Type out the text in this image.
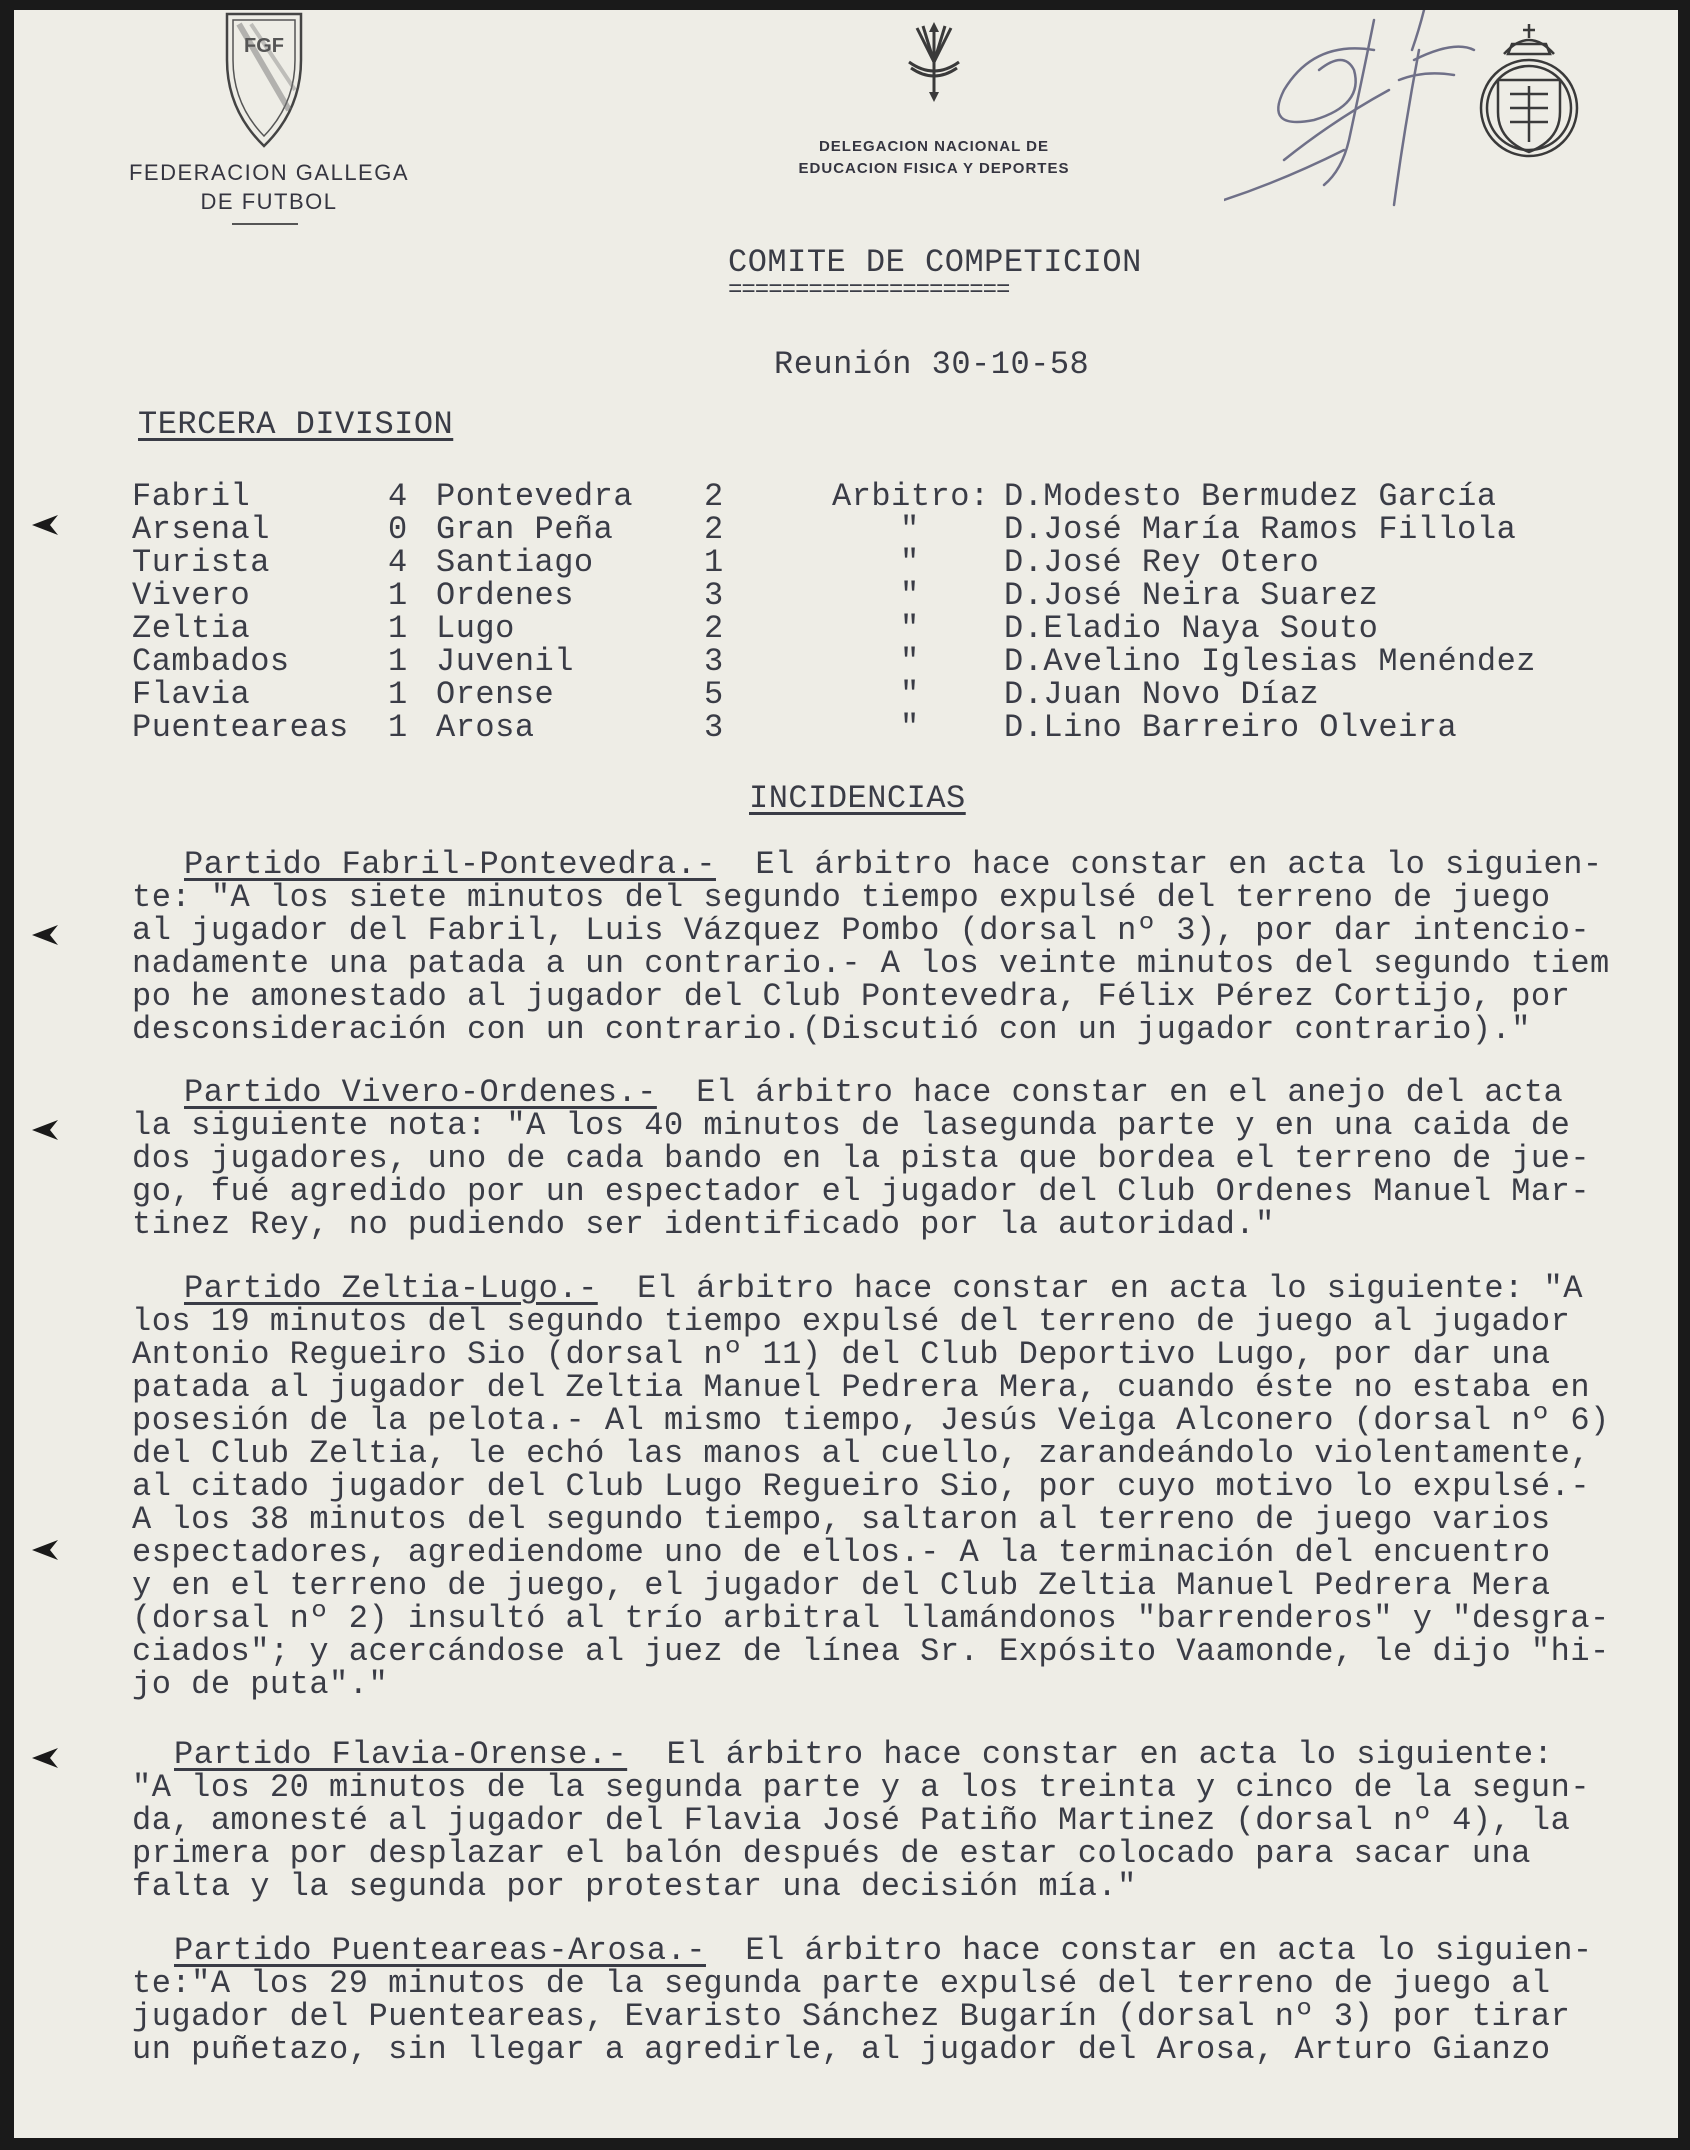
FGF
FEDERACION GALLEGA
DE FUTBOL
DELEGACION NACIONAL DE
EDUCACION FISICA Y DEPORTES
COMITE DE COMPETICION
=====================
Reunión 30-10-58
TERCERA DIVISION
Fabril	4 Pontevedra 2	Arbitro: D.Modesto Bermudez García
Arsenal	0 Gran Peña	2	"	D.José María Ramos Fillola
Turista	4 Santiago	1	"	D.José Rey Otero
Vivero	1 Ordenes	3	"	D.José Neira Suarez
Zeltia	1 Lugo	2	"	D.Eladio Naya Souto
Cambados	1 Juvenil	3	"	D.Avelino Iglesias Menéndez
Flavia	1 Orense	5	"	D.Juan Novo Díaz
Puenteareas 1 Arosa	3	"	D.Lino Barreiro Olveira
INCIDENCIAS
Partido Fabril-Pontevedra.-  El árbitro hace constar en acta lo siguien-
te: "A los siete minutos del segundo tiempo expulsé del terreno de juego
al jugador del Fabril, Luis Vázquez Pombo (dorsal nº 3), por dar intencio-
nadamente una patada a un contrario.- A los veinte minutos del segundo tiem
po he amonestado al jugador del Club Pontevedra, Félix Pérez Cortijo, por
desconsideración con un contrario.(Discutió con un jugador contrario)."
Partido Vivero-Ordenes.-  El árbitro hace constar en el anejo del acta
la siguiente nota: "A los 40 minutos de lasegunda parte y en una caida de
dos jugadores, uno de cada bando en la pista que bordea el terreno de jue-
go, fué agredido por un espectador el jugador del Club Ordenes Manuel Mar-
tinez Rey, no pudiendo ser identificado por la autoridad."
Partido Zeltia-Lugo.-  El árbitro hace constar en acta lo siguiente: "A
los 19 minutos del segundo tiempo expulsé del terreno de juego al jugador
Antonio Regueiro Sio (dorsal nº 11) del Club Deportivo Lugo, por dar una
patada al jugador del Zeltia Manuel Pedrera Mera, cuando éste no estaba en
posesión de la pelota.- Al mismo tiempo, Jesús Veiga Alconero (dorsal nº 6)
del Club Zeltia, le echó las manos al cuello, zarandeándolo violentamente,
al citado jugador del Club Lugo Regueiro Sio, por cuyo motivo lo expulsé.-
A los 38 minutos del segundo tiempo, saltaron al terreno de juego varios
espectadores, agrediendome uno de ellos.- A la terminación del encuentro
y en el terreno de juego, el jugador del Club Zeltia Manuel Pedrera Mera
(dorsal nº 2) insultó al trío arbitral llamándonos "barrenderos" y "desgra-
ciados"; y acercándose al juez de línea Sr. Expósito Vaamonde, le dijo "hi-
jo de puta"."
Partido Flavia-Orense.-  El árbitro hace constar en acta lo siguiente:
"A los 20 minutos de la segunda parte y a los treinta y cinco de la segun-
da, amonesté al jugador del Flavia José Patiño Martinez (dorsal nº 4), la
primera por desplazar el balón después de estar colocado para sacar una
falta y la segunda por protestar una decisión mía."
Partido Puenteareas-Arosa.-  El árbitro hace constar en acta lo siguien-
te:"A los 29 minutos de la segunda parte expulsé del terreno de juego al
jugador del Puenteareas, Evaristo Sánchez Bugarín (dorsal nº 3) por tirar
un puñetazo, sin llegar a agredirle, al jugador del Arosa, Arturo Gianzo
